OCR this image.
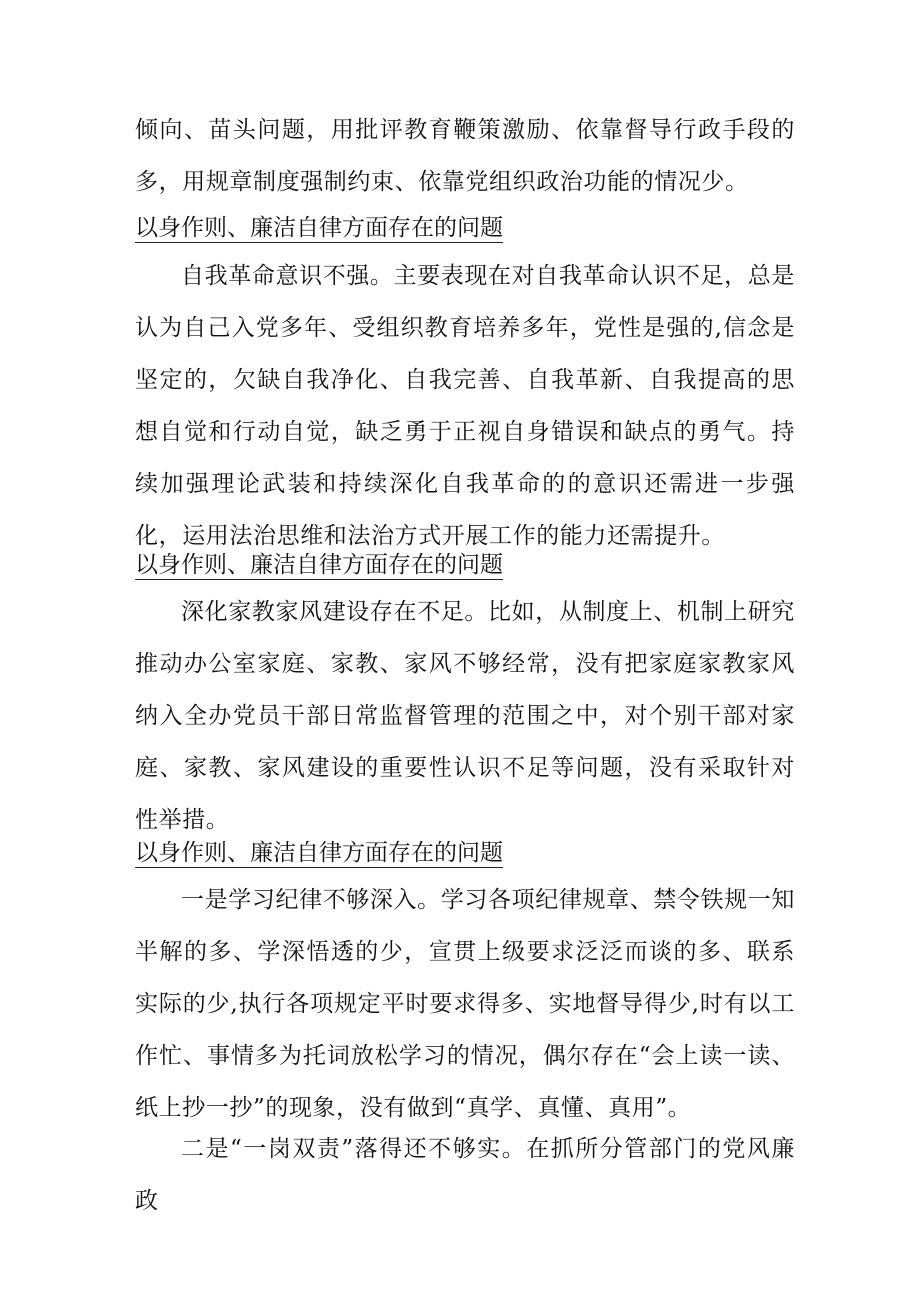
倾向、苗头问题，用批评教育鞭策激励、依靠督导行政手段的多，用规章制度强制约束、依靠党组织政治功能的情况少。
以身作则、廉洁自律方面存在的问题
自我革命意识不强。主要表现在对自我革命认识不足，总是认为自己入党多年、受组织教育培养多年，党性是强的,信念是坚定的，欠缺自我净化、自我完善、自我革新、自我提高的思想自觉和行动自觉，缺乏勇于正视自身错误和缺点的勇气。持续加强理论武装和持续深化自我革命的的意识还需进一步强化，运用法治思维和法治方式开展工作的能力还需提升。
以身作则、廉洁自律方面存在的问题
深化家教家风建设存在不足。比如，从制度上、机制上研究推动办公室家庭、家教、家风不够经常，没有把家庭家教家风纳入全办党员干部日常监督管理的范围之中，对个别干部对家庭、家教、家风建设的重要性认识不足等问题，没有采取针对性举措。
以身作则、廉洁自律方面存在的问题
一是学习纪律不够深入。学习各项纪律规章、禁令铁规一知半解的多、学深悟透的少，宣贯上级要求泛泛而谈的多、联系实际的少,执行各项规定平时要求得多、实地督导得少,时有以工作忙、事情多为托词放松学习的情况，偶尔存在“会上读一读、纸上抄一抄”的现象，没有做到“真学、真懂、真用”。
二是“一岗双责”落得还不够实。在抓所分管部门的党风廉政
